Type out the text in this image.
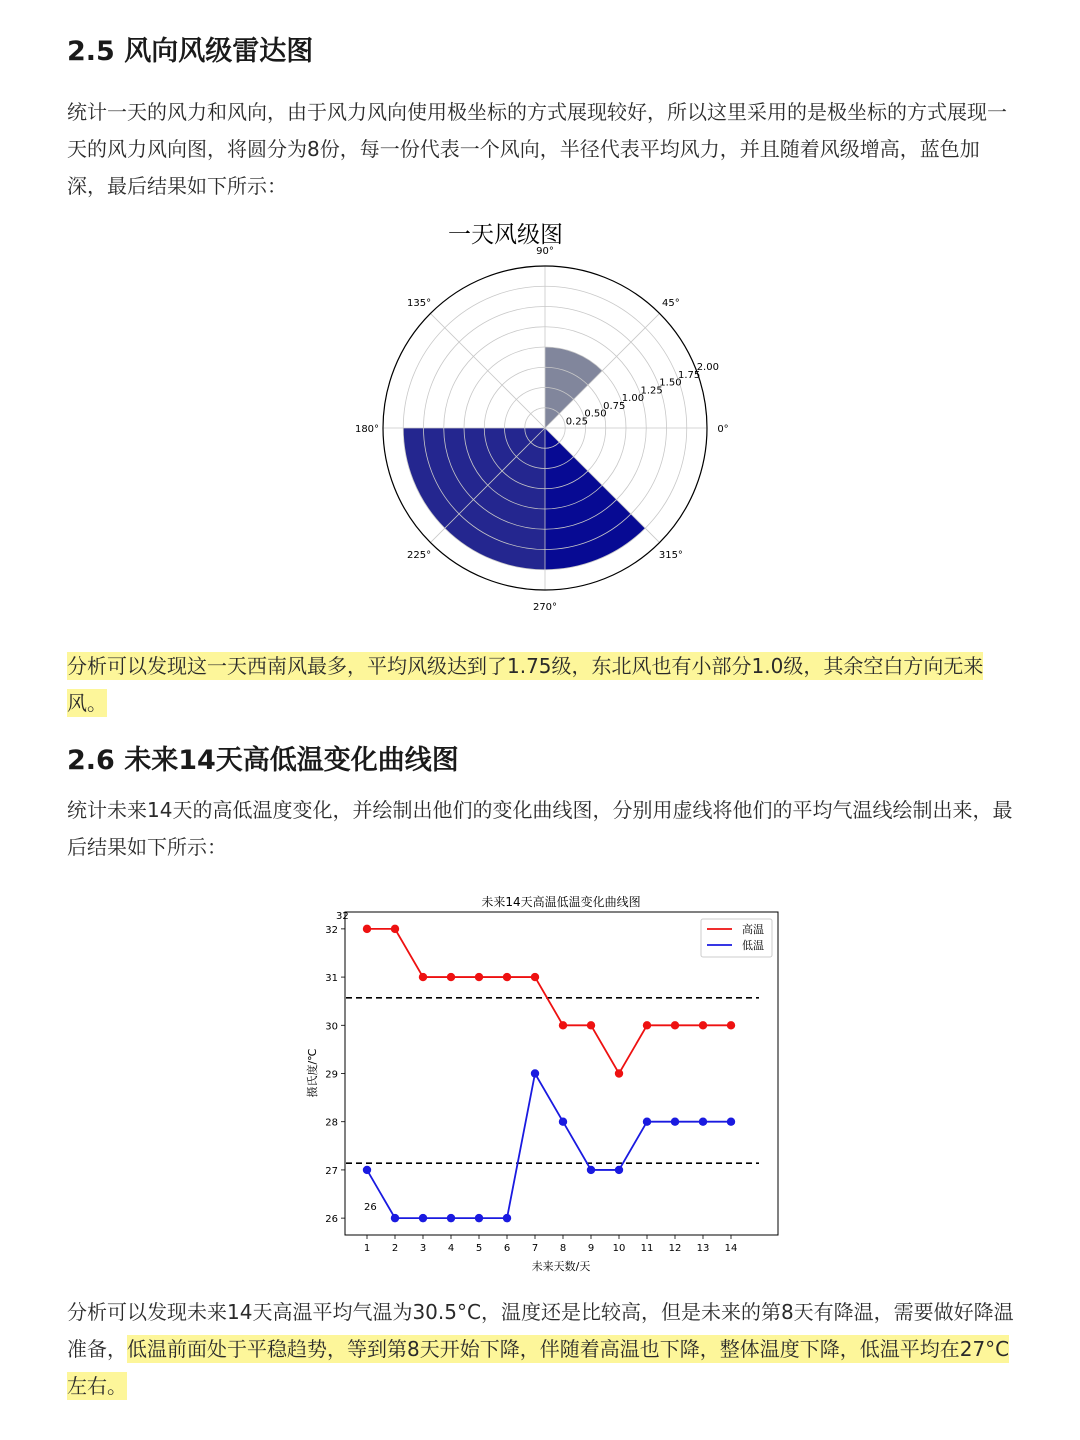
2.5 风向风级雷达图

统计一天的风力和风向，由于风力风向使用极坐标的方式展现较好，所以这里采用的是极坐标的方式展现一天的风力风向图，将圆分为8份，每一份代表一个风向，半径代表平均风力，并且随着风级增高，蓝色加深，最后结果如下所示：

一天风级图
0°
45°
90°
135°
180°
225°
270°
315°
0.25
0.50
0.75
1.00
1.25
1.50
1.75
2.00

分析可以发现这一天西南风最多，平均风级达到了1.75级，东北风也有小部分1.0级，其余空白方向无来风。

2.6 未来14天高低温变化曲线图

统计未来14天的高低温度变化，并绘制出他们的变化曲线图，分别用虚线将他们的平均气温线绘制出来，最后结果如下所示：

未来14天高温低温变化曲线图
1 2 3 4 5 6 7 8 9 10 11 12 13 14
26
27
28
29
30
31
32	高温
低温
32
26
未来天数/天
摄氏度/℃

分析可以发现未来14天高温平均气温为30.5°C，温度还是比较高，但是未来的第8天有降温，需要做好降温准备，低温前面处于平稳趋势，等到第8天开始下降，伴随着高温也下降，整体温度下降，低温平均在27°C左右。
